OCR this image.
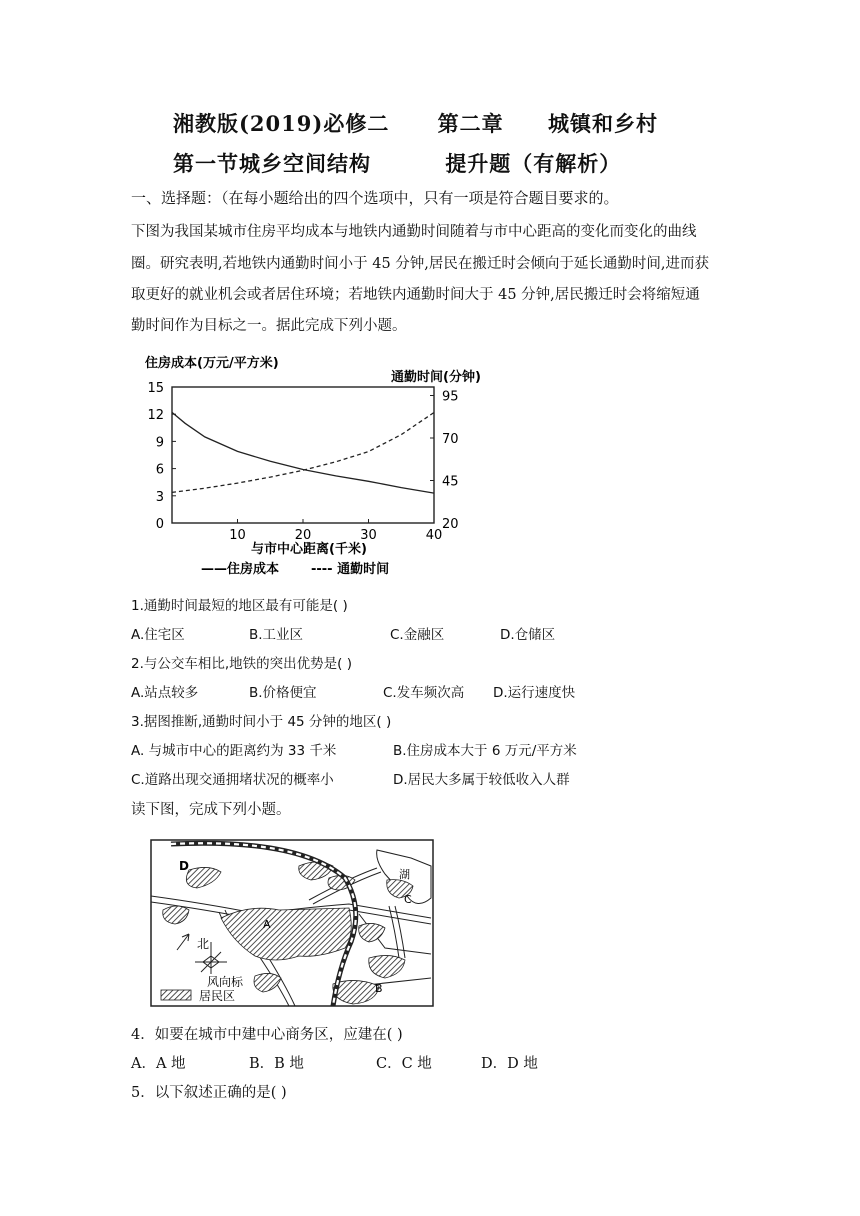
湘教版(2019)必修二 第二章 城镇和乡村
第一节城乡空间结构	提升题（有解析）
一、选择题：（在每小题给出的四个选项中，只有一项是符合题目要求的。
下图为我国某城市住房平均成本与地铁内通勤时间随着与市中心距高的变化而变化的曲线
圈。研究表明,若地铁内通勤时间小于 45 分钟,居民在搬迁时会倾向于延长通勤时间,进而获
取更好的就业机会或者居住环境；若地铁内通勤时间大于 45 分钟,居民搬迁时会将缩短通
勤时间作为目标之一。据此完成下列小题。
住房成本(万元/平方米)
通勤时间(分钟)
0
3
6
9
12
15
20
45
70
95
10	20	30	40
与市中心距离(千米)
——住房成本 ---- 通勤时间
1.通勤时间最短的地区最有可能是( )
A.住宅区	B.工业区	C.金融区	D.仓储区
2.与公交车相比,地铁的突出优势是( )
A.站点较多	B.价格便宜	C.发车频次高 D.运行速度快
3.据图推断,通勤时间小于 45 分钟的地区( )
A. 与城市中心的距离约为 33 千米	B.住房成本大于 6 万元/平方米
C.道路出现交通拥堵状况的概率小	D.居民大多属于较低收入人群
读下图，完成下列小题。
D
湖
C
A
B
北
风向标
居民区
4．如要在城市中建中心商务区，应建在( )
A．A 地	B．B 地	C．C 地	D．D 地
5．以下叙述正确的是( )
